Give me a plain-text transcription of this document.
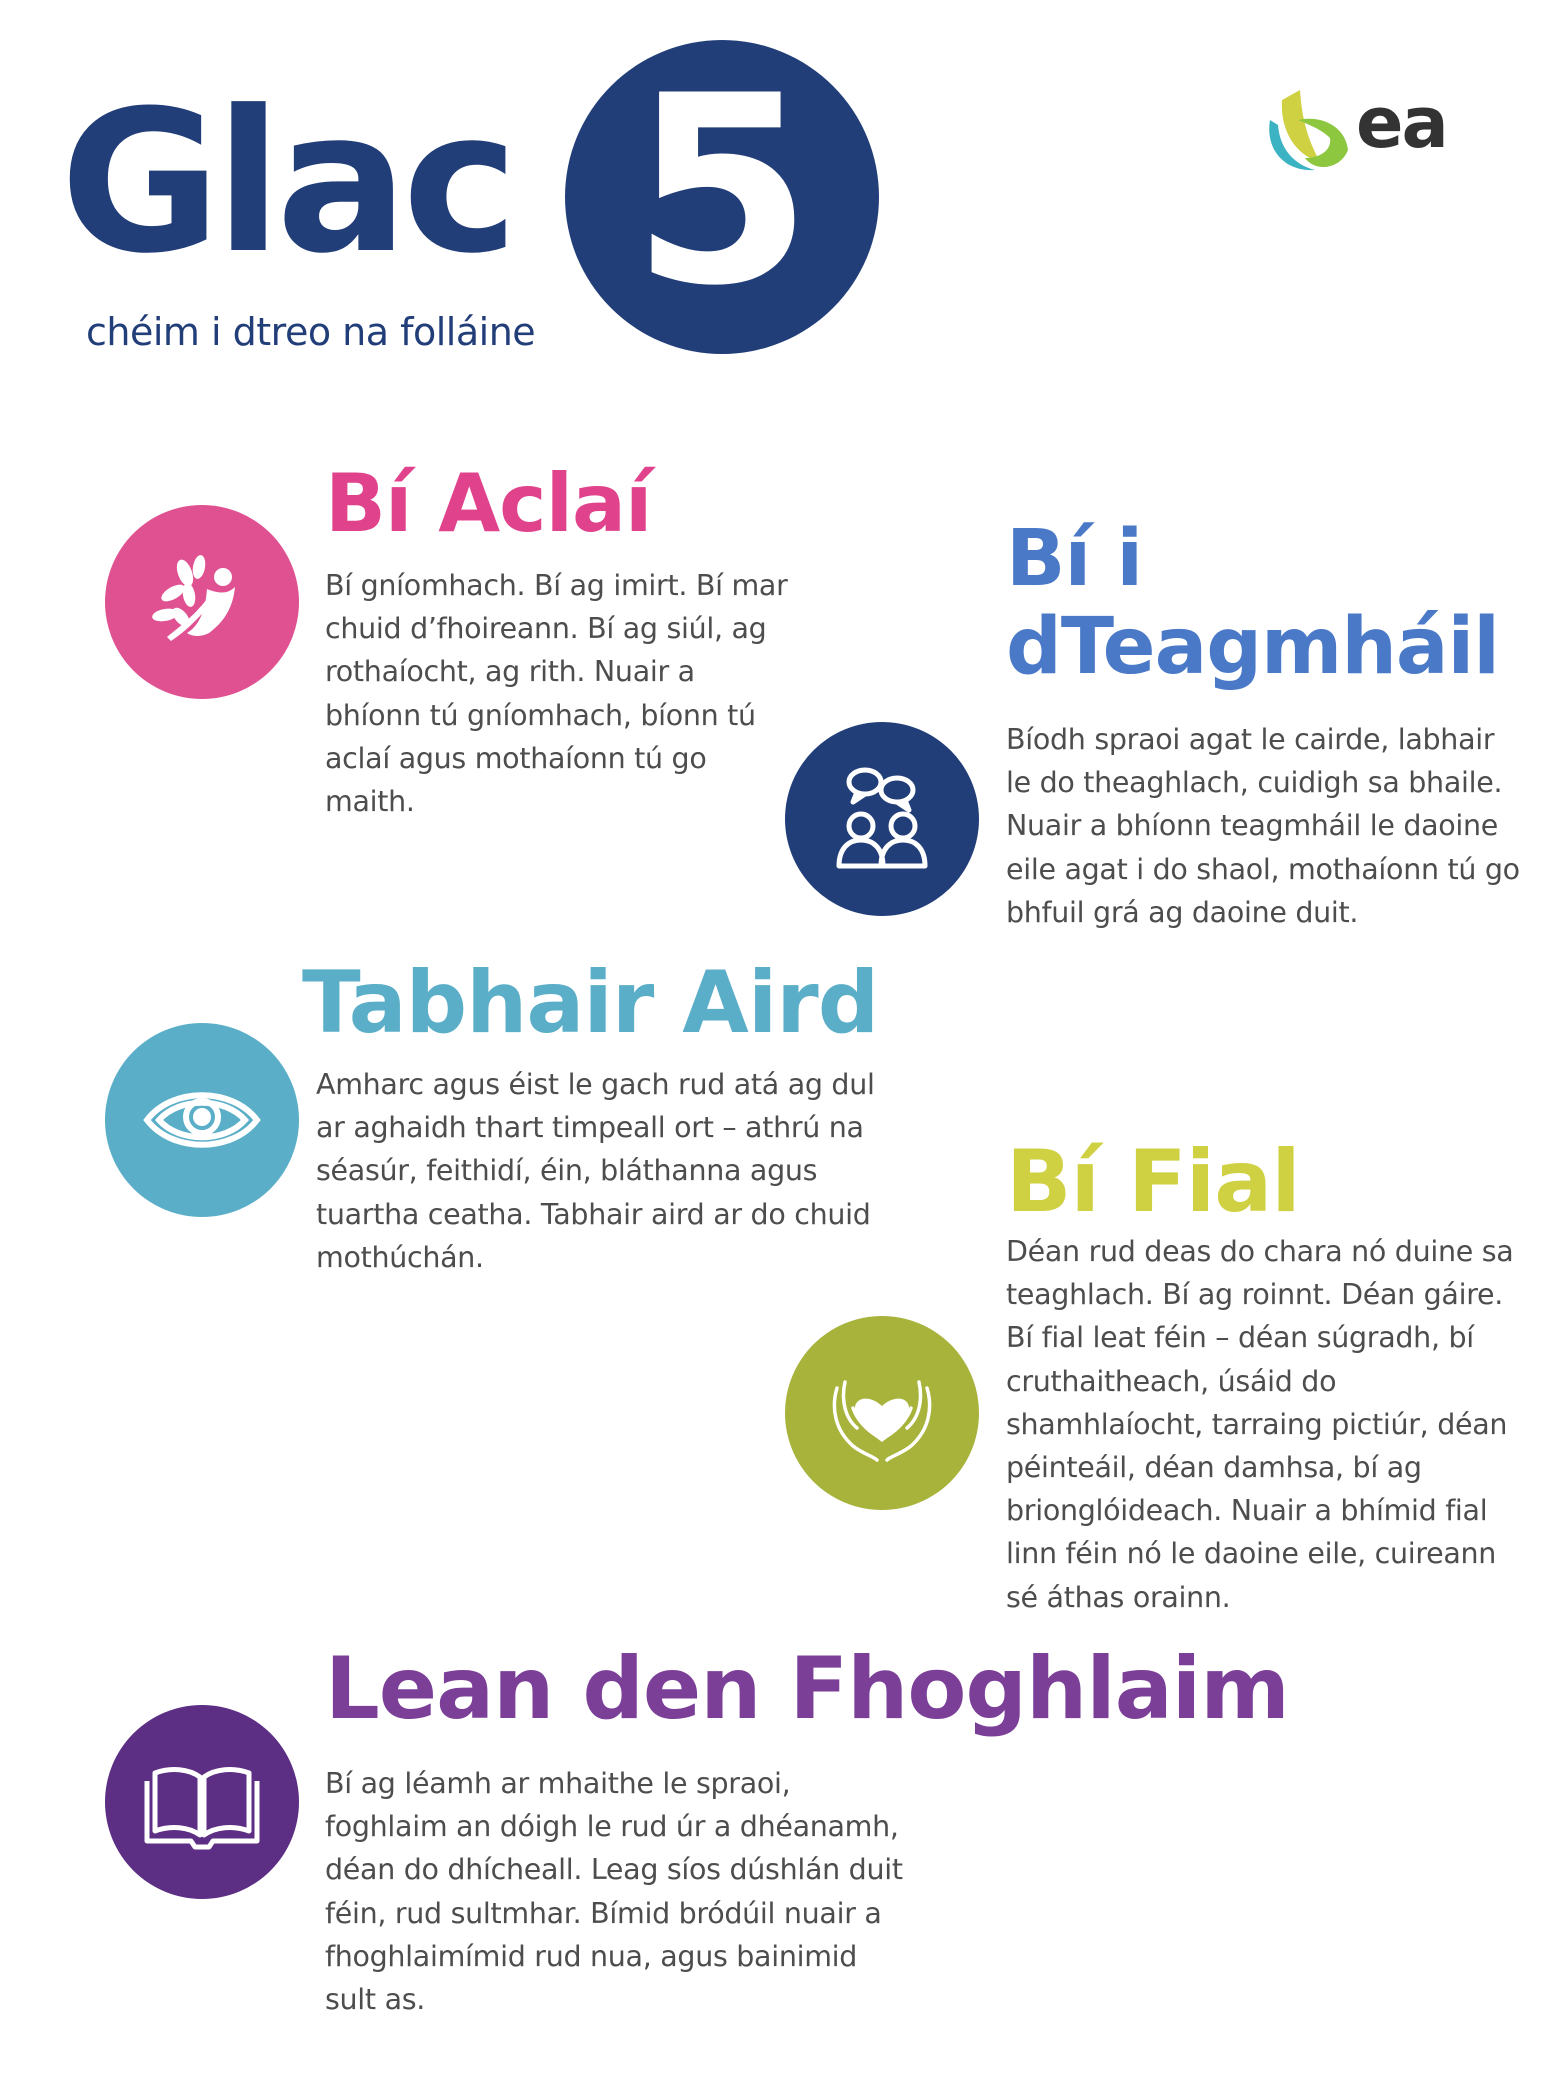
Glac 5
chéim i dtreo na folláine
ea
Bí Aclaí
Bí gníomhach. Bí ag imirt. Bí mar chuid d’fhoireann. Bí ag siúl, ag rothaíocht, ag rith. Nuair a bhíonn tú gníomhach, bíonn tú aclaí agus mothaíonn tú go maith.
Bí i dTeagmháil
Bíodh spraoi agat le cairde, labhair le do theaghlach, cuidigh sa bhaile. Nuair a bhíonn teagmháil le daoine eile agat i do shaol, mothaíonn tú go bhfuil grá ag daoine duit.
Tabhair Aird
Amharc agus éist le gach rud atá ag dul ar aghaidh thart timpeall ort – athrú na séasúr, feithidí, éin, bláthanna agus tuartha ceatha. Tabhair aird ar do chuid mothúchán.
Bí Fial
Déan rud deas do chara nó duine sa teaghlach. Bí ag roinnt. Déan gáire. Bí fial leat féin – déan súgradh, bí cruthaitheach, úsáid do shamhlaíocht, tarraing pictiúr, déan péinteáil, déan damhsa, bí ag brionglóideach. Nuair a bhímid fial linn féin nó le daoine eile, cuireann sé áthas orainn.
Lean den Fhoghlaim
Bí ag léamh ar mhaithe le spraoi, foghlaim an dóigh le rud úr a dhéanamh, déan do dhícheall. Leag síos dúshlán duit féin, rud sultmhar. Bímid bródúil nuair a fhoghlaimímid rud nua, agus bainimid sult as.
